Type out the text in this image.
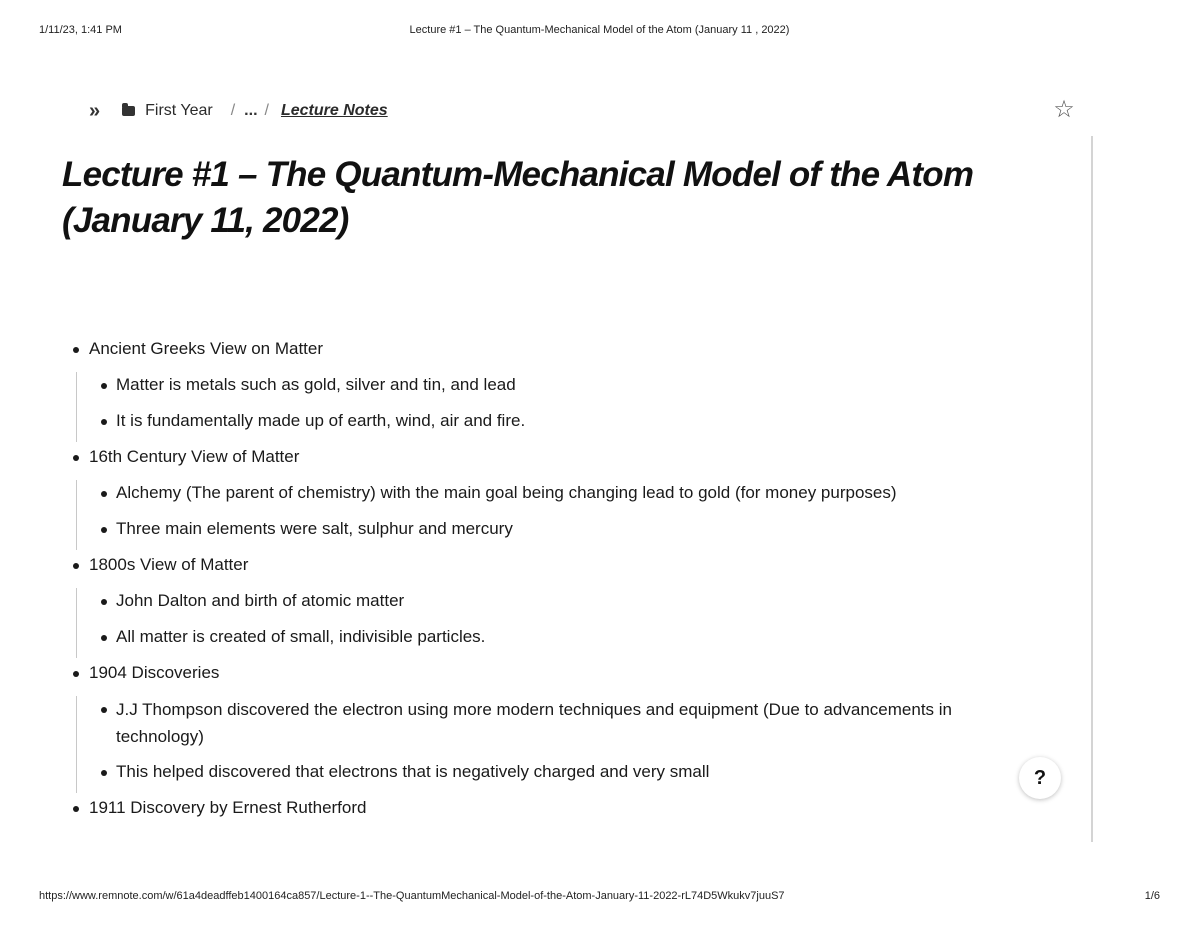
1/11/23, 1:41 PM	Lecture #1 – The Quantum-Mechanical Model of the Atom (January 11 , 2022)
»	First Year / ... / Lecture Notes	☆
Lecture #1 – The Quantum-Mechanical Model of the Atom (January 11, 2022)
Ancient Greeks View on Matter
Matter is metals such as gold, silver and tin, and lead
It is fundamentally made up of earth, wind, air and fire.
16th Century View of Matter
Alchemy (The parent of chemistry) with the main goal being changing lead to gold (for money purposes)
Three main elements were salt, sulphur and mercury
1800s View of Matter
John Dalton and birth of atomic matter
All matter is created of small, indivisible particles.
1904 Discoveries
J.J Thompson discovered the electron using more modern techniques and equipment (Due to advancements in technology)
This helped discovered that electrons that is negatively charged and very small
1911 Discovery by Ernest Rutherford
?
https://www.remnote.com/w/61a4deadffeb1400164ca857/Lecture-1--The-QuantumMechanical-Model-of-the-Atom-January-11-2022-rL74D5Wkukv7juuS7	1/6
